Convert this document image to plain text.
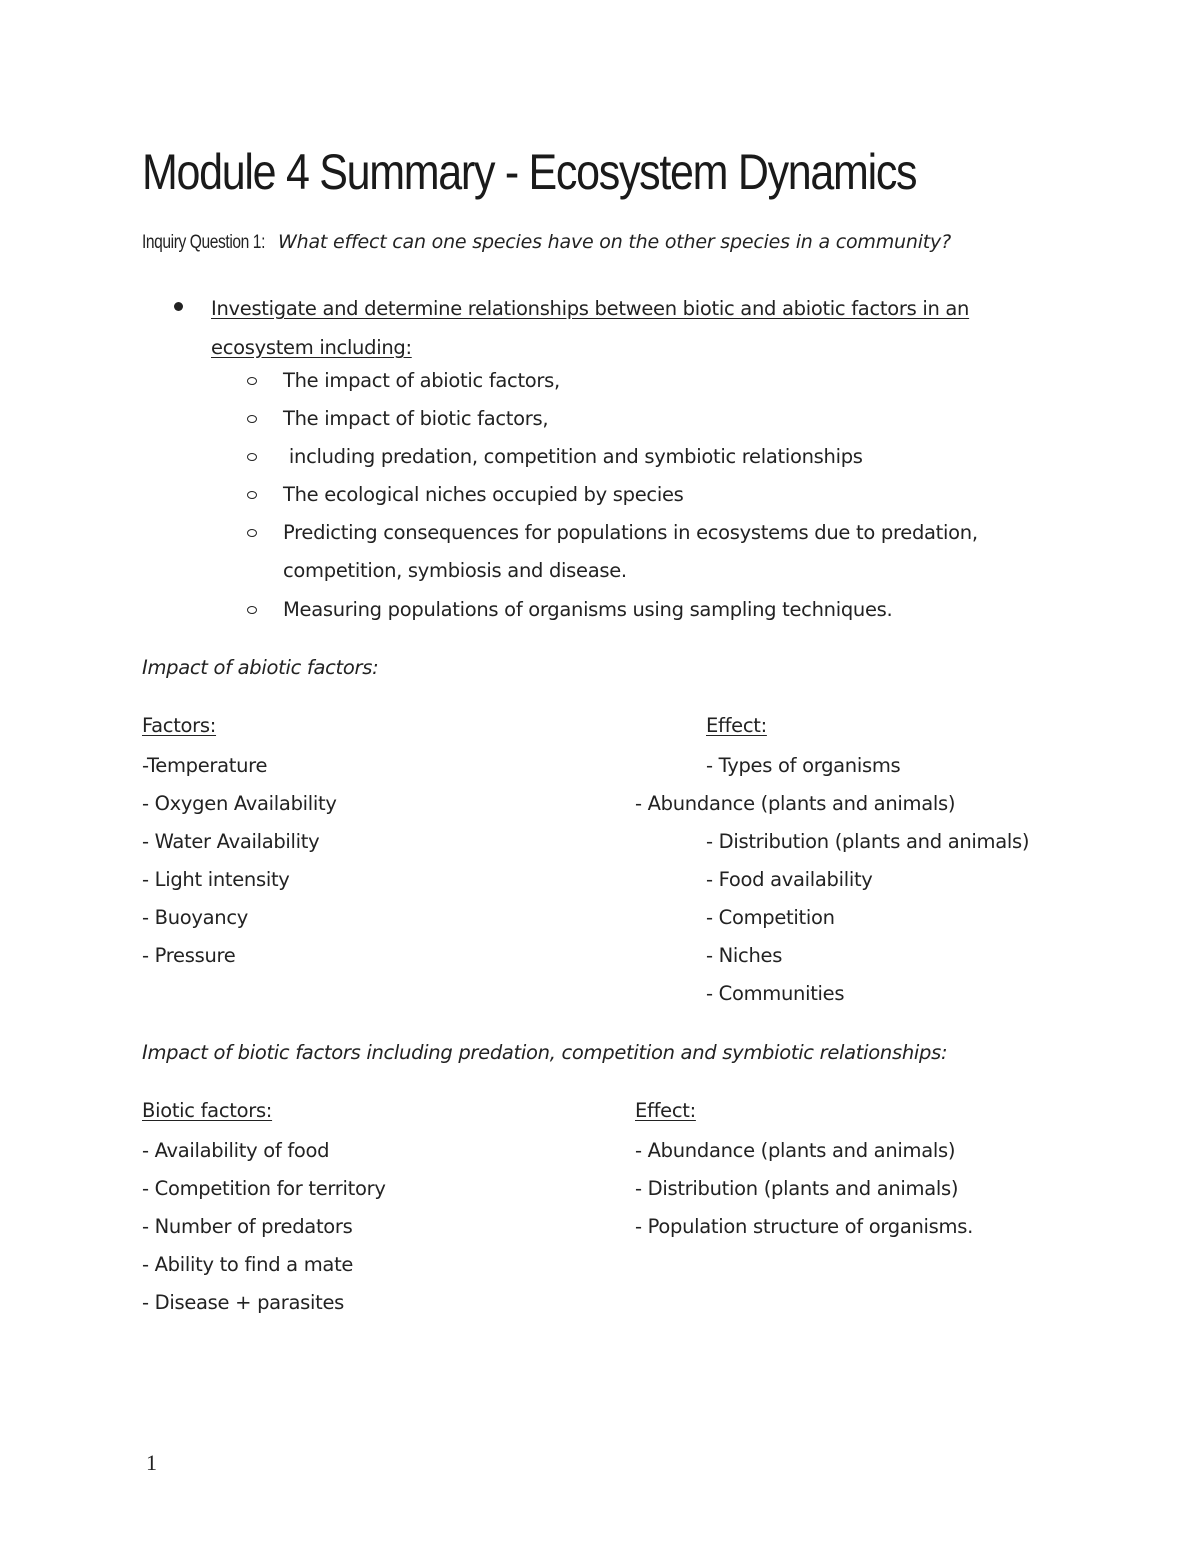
Module 4 Summary - Ecosystem Dynamics
Inquiry Question 1: What effect can one species have on the other species in a community?
Investigate and determine relationships between biotic and abiotic factors in an ecosystem including:
The impact of abiotic factors,
The impact of biotic factors,
including predation, competition and symbiotic relationships
The ecological niches occupied by species
Predicting consequences for populations in ecosystems due to predation, competition, symbiosis and disease.
Measuring populations of organisms using sampling techniques.
Impact of abiotic factors:
Factors:	Effect:
-Temperature
- Oxygen Availability
- Water Availability
- Light intensity
- Buoyancy
- Pressure
- Types of organisms
- Abundance (plants and animals)
- Distribution (plants and animals)
- Food availability
- Competition
- Niches
- Communities
Impact of biotic factors including predation, competition and symbiotic relationships:
Biotic factors:	Effect:
- Availability of food
- Competition for territory
- Number of predators
- Ability to find a mate
- Disease + parasites
- Abundance (plants and animals)
- Distribution (plants and animals)
- Population structure of organisms.
1
